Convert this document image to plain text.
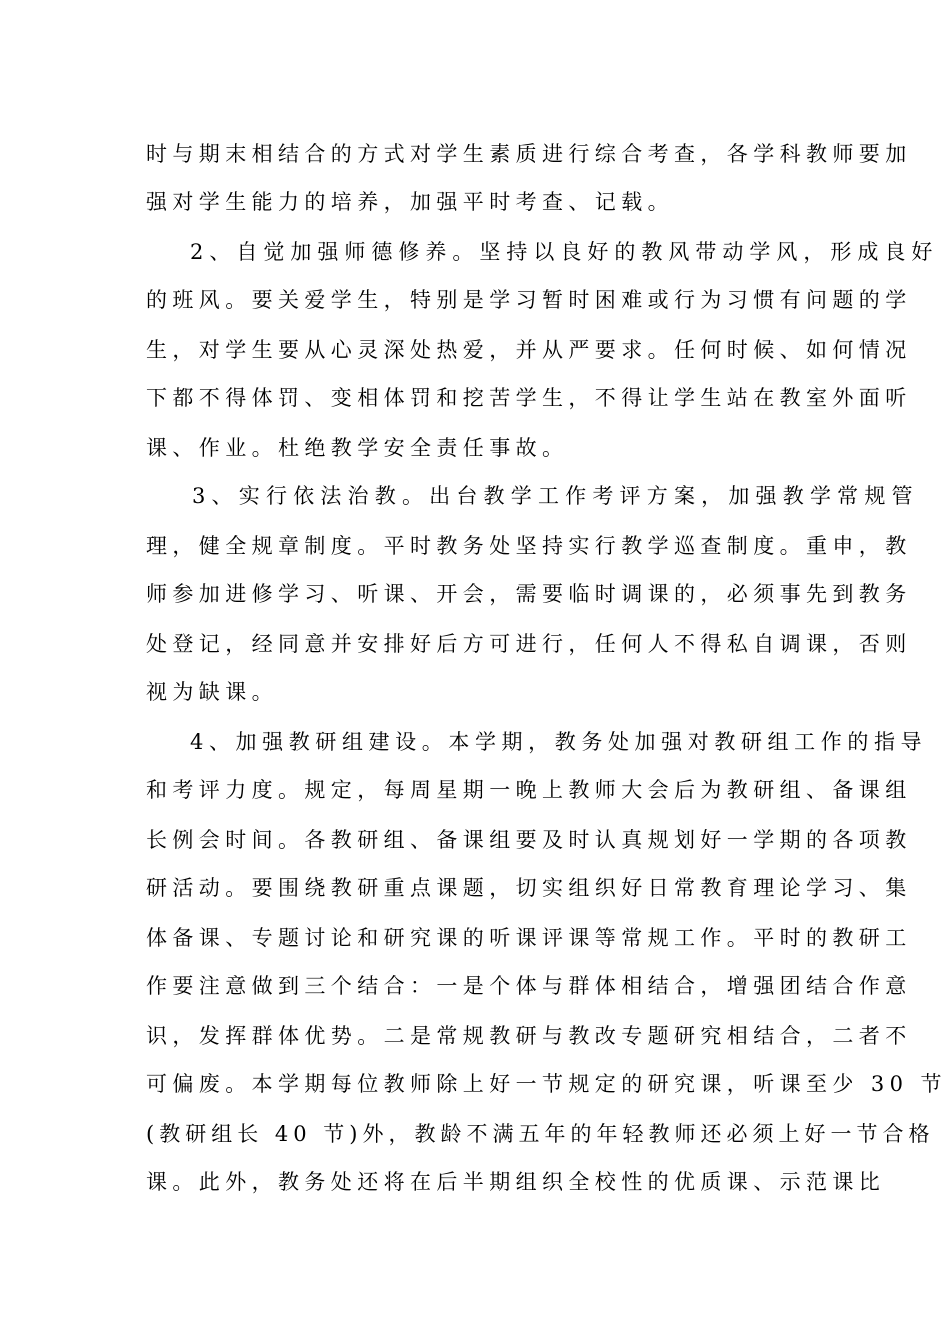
时与期末相结合的方式对学生素质进行综合考查，各学科教师要加
强对学生能力的培养，加强平时考查、记载。
2、自觉加强师德修养。坚持以良好的教风带动学风，形成良好
的班风。要关爱学生，特别是学习暂时困难或行为习惯有问题的学
生，对学生要从心灵深处热爱，并从严要求。任何时候、如何情况
下都不得体罚、变相体罚和挖苦学生，不得让学生站在教室外面听
课、作业。杜绝教学安全责任事故。
3、实行依法治教。出台教学工作考评方案，加强教学常规管
理，健全规章制度。平时教务处坚持实行教学巡查制度。重申，教
师参加进修学习、听课、开会，需要临时调课的，必须事先到教务
处登记，经同意并安排好后方可进行，任何人不得私自调课，否则
视为缺课。
4、加强教研组建设。本学期，教务处加强对教研组工作的指导
和考评力度。规定，每周星期一晚上教师大会后为教研组、备课组
长例会时间。各教研组、备课组要及时认真规划好一学期的各项教
研活动。要围绕教研重点课题，切实组织好日常教育理论学习、集
体备课、专题讨论和研究课的听课评课等常规工作。平时的教研工
作要注意做到三个结合：一是个体与群体相结合，增强团结合作意
识，发挥群体优势。二是常规教研与教改专题研究相结合，二者不
可偏废。本学期每位教师除上好一节规定的研究课，听课至少 30 节
(教研组长 40 节)外，教龄不满五年的年轻教师还必须上好一节合格
课。此外，教务处还将在后半期组织全校性的优质课、示范课比
